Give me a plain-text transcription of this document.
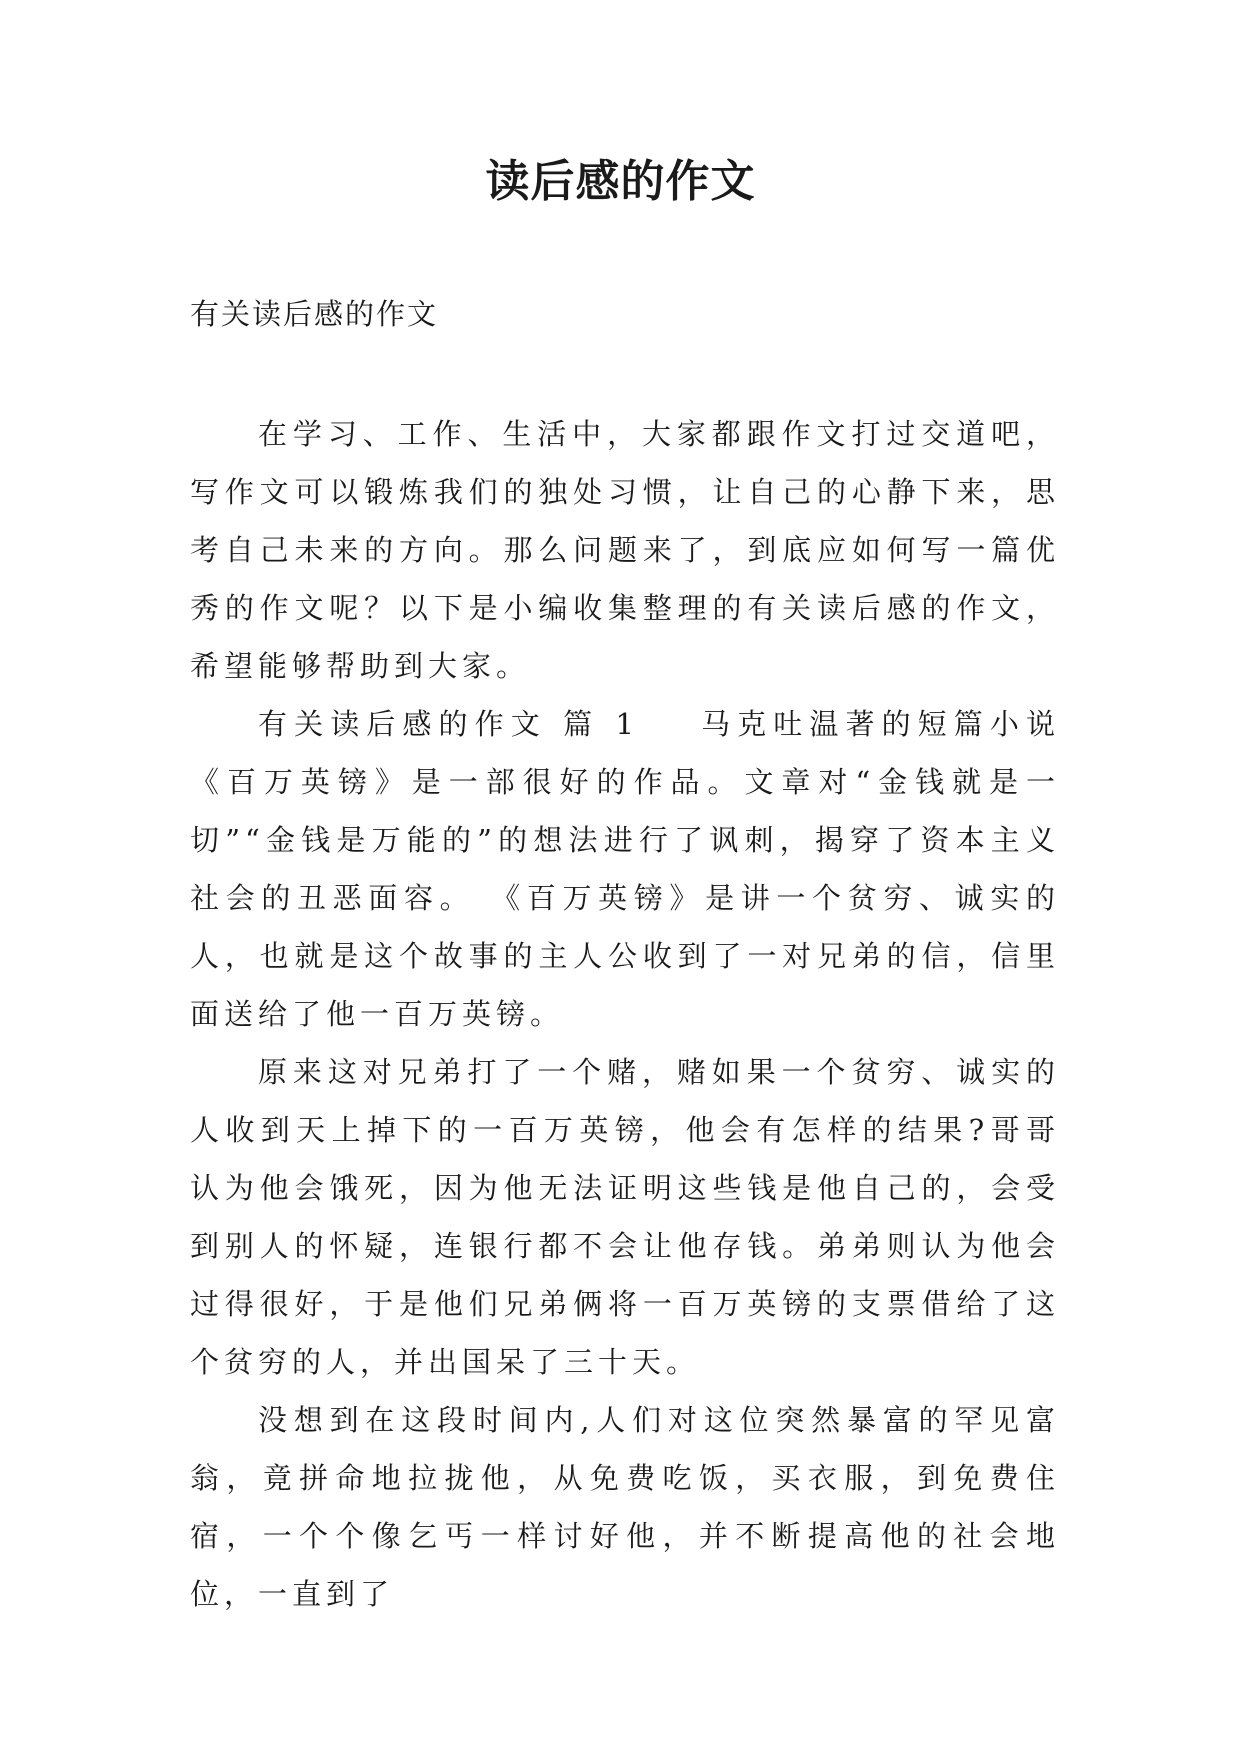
读后感的作文

有关读后感的作文

在学习、工作、生活中，大家都跟作文打过交道吧，写作文可以锻炼我们的独处习惯，让自己的心静下来，思考自己未来的方向。那么问题来了，到底应如何写一篇优秀的作文呢？以下是小编收集整理的有关读后感的作文，希望能够帮助到大家。

有关读后感的作文 篇 1 马克吐温著的短篇小说《百万英镑》是一部很好的作品。文章对“金钱就是一切”“金钱是万能的”的想法进行了讽刺，揭穿了资本主义社会的丑恶面容。 《百万英镑》是讲一个贫穷、诚实的人，也就是这个故事的主人公收到了一对兄弟的信，信里面送给了他一百万英镑。

原来这对兄弟打了一个赌，赌如果一个贫穷、诚实的人收到天上掉下的一百万英镑，他会有怎样的结果?哥哥认为他会饿死，因为他无法证明这些钱是他自己的，会受到别人的怀疑，连银行都不会让他存钱。弟弟则认为他会过得很好，于是他们兄弟俩将一百万英镑的支票借给了这个贫穷的人，并出国呆了三十天。

没想到在这段时间内,人们对这位突然暴富的罕见富翁，竟拼命地拉拢他，从免费吃饭，买衣服，到免费住宿，一个个像乞丐一样讨好他，并不断提高他的社会地位，一直到了
